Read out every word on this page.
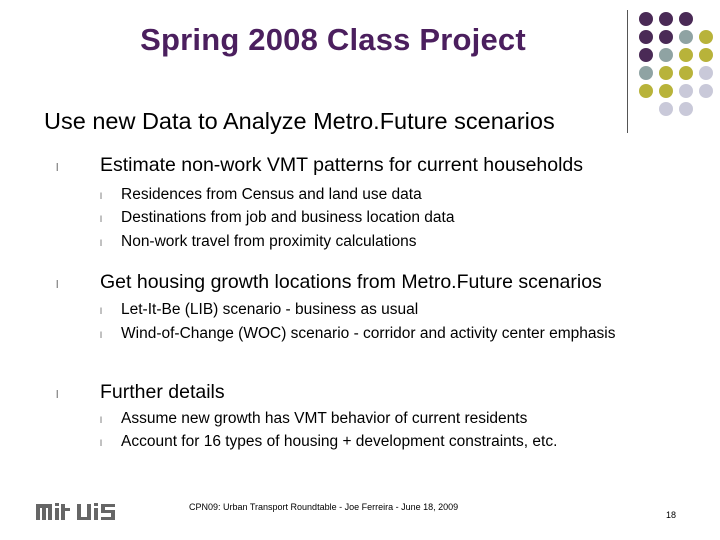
Spring 2008 Class Project
Use new Data to Analyze Metro.Future scenarios
l Estimate non-work VMT patterns for current households
l Residences from Census and land use data
l Destinations from job and business location data
l Non-work travel from proximity calculations
l Get housing growth locations from Metro.Future scenarios
l Let-It-Be (LIB) scenario - business as usual
l Wind-of-Change (WOC) scenario - corridor and activity center emphasis
l Further details
l Assume new growth has VMT behavior of current residents
l Account for 16 types of housing + development constraints, etc.
CPN09: Urban Transport Roundtable - Joe Ferreira - June 18, 2009
18
